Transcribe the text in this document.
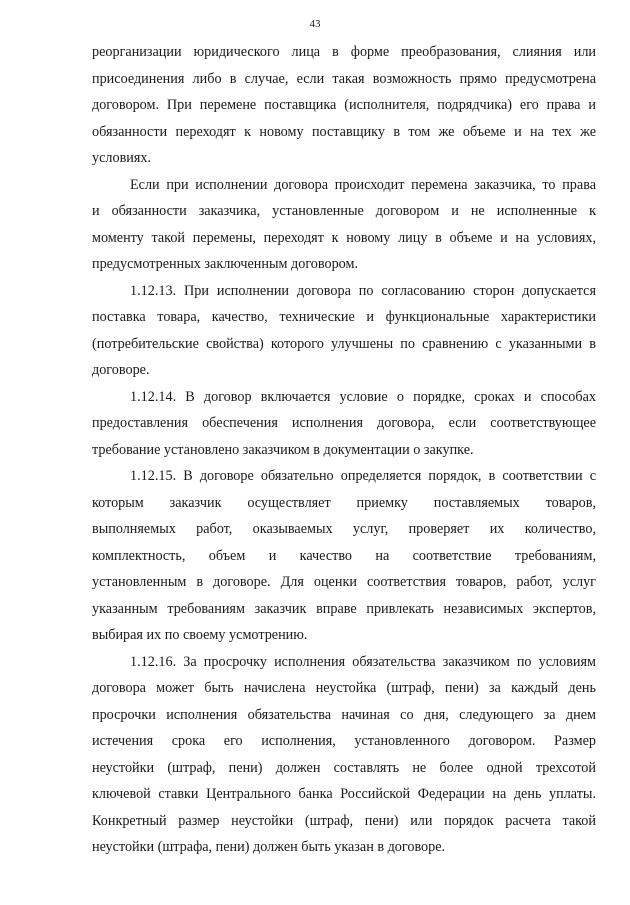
43
реорганизации юридического лица в форме преобразования, слияния или
присоединения либо в случае, если такая возможность прямо предусмотрена
договором. При перемене поставщика (исполнителя, подрядчика) его права и
обязанности переходят к новому поставщику в том же объеме и на тех же
условиях.
Если при исполнении договора происходит перемена заказчика, то права
и обязанности заказчика, установленные договором и не исполненные к
моменту такой перемены, переходят к новому лицу в объеме и на условиях,
предусмотренных заключенным договором.
1.12.13. При исполнении договора по согласованию сторон допускается
поставка товара, качество, технические и функциональные характеристики
(потребительские свойства) которого улучшены по сравнению с указанными в
договоре.
1.12.14. В договор включается условие о порядке, сроках и способах
предоставления обеспечения исполнения договора, если соответствующее
требование установлено заказчиком в документации о закупке.
1.12.15. В договоре обязательно определяется порядок, в соответствии с
которым заказчик осуществляет приемку поставляемых товаров,
выполняемых работ, оказываемых услуг, проверяет их количество,
комплектность, объем и качество на соответствие требованиям,
установленным в договоре. Для оценки соответствия товаров, работ, услуг
указанным требованиям заказчик вправе привлекать независимых экспертов,
выбирая их по своему усмотрению.
1.12.16. За просрочку исполнения обязательства заказчиком по условиям
договора может быть начислена неустойка (штраф, пени) за каждый день
просрочки исполнения обязательства начиная со дня, следующего за днем
истечения срока его исполнения, установленного договором. Размер
неустойки (штраф, пени) должен составлять не более одной трехсотой
ключевой ставки Центрального банка Российской Федерации на день уплаты.
Конкретный размер неустойки (штраф, пени) или порядок расчета такой
неустойки (штрафа, пени) должен быть указан в договоре.
